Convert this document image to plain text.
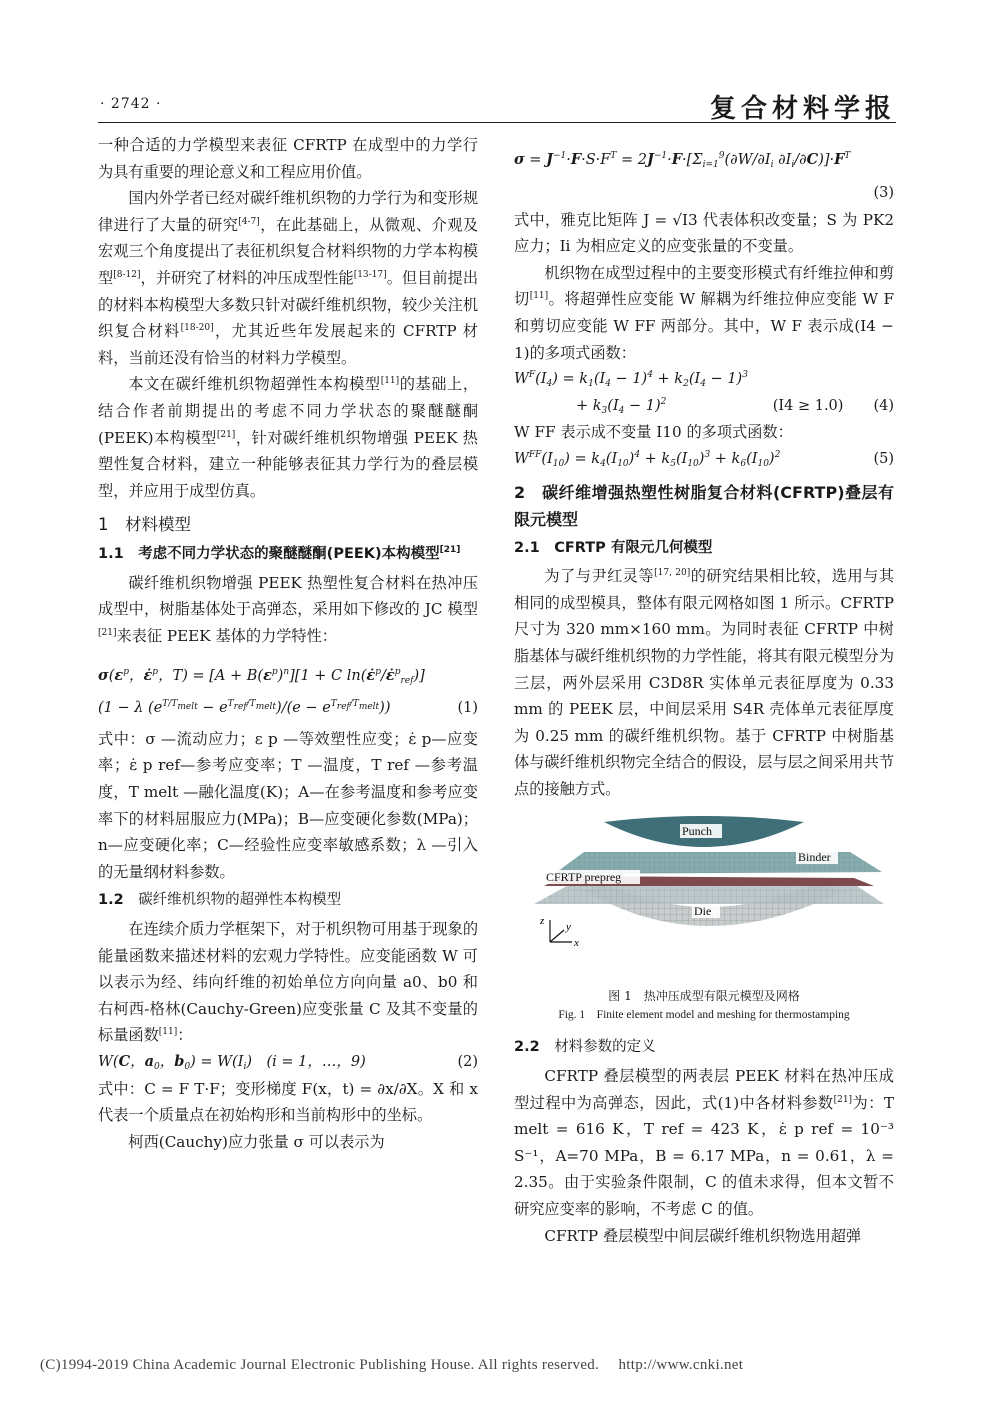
· 2742 ·	复合材料学报

一种合适的力学模型来表征 CFRTP 在成型中的力学行为具有重要的理论意义和工程应用价值。

国内外学者已经对碳纤维机织物的力学行为和变形规律进行了大量的研究[4-7]，在此基础上，从微观、介观及宏观三个角度提出了表征机织复合材料织物的力学本构模型[8-12]，并研究了材料的冲压成型性能[13-17]。但目前提出的材料本构模型大多数只针对碳纤维机织物，较少关注机织复合材料[18-20]，尤其近些年发展起来的 CFRTP 材料，当前还没有恰当的材料力学模型。

本文在碳纤维机织物超弹性本构模型[11]的基础上，结合作者前期提出的考虑不同力学状态的聚醚醚酮(PEEK)本构模型[21]，针对碳纤维机织物增强 PEEK 热塑性复合材料，建立一种能够表征其力学行为的叠层模型，并应用于成型仿真。

1　材料模型
1.1　 考虑不同力学状态的聚醚醚酮(PEEK)本构模型[21]

碳纤维机织物增强 PEEK 热塑性复合材料在热冲压成型中，树脂基体处于高弹态，采用如下修改的 JC 模型[21]来表征 PEEK 基体的力学特性：

$\sigma(\varepsilon^p$，ε̇$^p$，$T) = [A + B(\varepsilon^p)^n][1 + C$ ln(ε̇$^p$/ε̇$^p_{ref}$)]
(1 − λ $(e^{T/T_{melt}} - e^{T_{ref}/T_{melt}})/(e - e^{T_{ref}/T_{melt}})$)	(1)

式中：σ —流动应力；ε p —等效塑性应变；ε̇ p—应变率；ε̇ p ref—参考应变率；T —温度，T ref —参考温度，T melt —融化温度(K)；A—在参考温度和参考应变率下的材料屈服应力(MPa)；B—应变硬化参数(MPa)；n—应变硬化率；C—经验性应变率敏感系数；λ —引入的无量纲材料参数。

1.2　 碳纤维机织物的超弹性本构模型

在连续介质力学框架下，对于机织物可用基于现象的能量函数来描述材料的宏观力学特性。应变能函数 W 可以表示为经、纬向纤维的初始单位方向向量 a0、b0 和右柯西-格林(Cauchy-Green)应变张量 C 及其不变量的标量函数[11]：

W(C，$a_0$，$b_0) = W(I_i)$　(i = 1，…，9)	(2)

式中：C = F T·F；变形梯度 F(x，t) = ∂x/∂X。X 和 x 代表一个质量点在初始构形和当前构形中的坐标。

柯西(Cauchy)应力张量 σ 可以表示为

$\sigma = J^{-1}\cdot F\cdot S\cdot F^T = 2J^{-1}\cdot F\cdot[\Sigma_{i=1}^9(\partial W/\partial I_i$ $\partial I_i/\partial C)]\cdot F^T$
(3)

式中，雅克比矩阵 J = √I3 代表体积改变量；S 为 PK2 应力；Ii 为相应定义的应变张量的不变量。

机织物在成型过程中的主要变形模式有纤维拉伸和剪切[11]。将超弹性应变能 W 解耦为纤维拉伸应变能 W F 和剪切应变能 W FF 两部分。其中，W F 表示成(I4 − 1)的多项式函数：

$W^F(I_4) = k_1(I_4 - 1)^4 + k_2(I_4 - 1)^3$
+ $k_3(I_4 - 1)^2$	(I4 ≥ 1.0) (4)

W FF 表示成不变量 I10 的多项式函数：

$W^{FF}(I_{10}) = k_4(I_{10})^4 + k_5(I_{10})^3 + k_6(I_{10})^2$	(5)
2　碳纤维增强热塑性树脂复合材料(CFRTP)叠层有限元模型
2.1　 CFRTP 有限元几何模型

为了与尹红灵等[17, 20]的研究结果相比较，选用与其相同的成型模具，整体有限元网格如图 1 所示。CFRTP 尺寸为 320 mm×160 mm。为同时表征 CFRTP 中树脂基体与碳纤维机织物的力学性能，将其有限元模型分为三层，两外层采用 C3D8R 实体单元表征厚度为 0.33 mm 的 PEEK 层，中间层采用 S4R 壳体单元表征厚度为 0.25 mm 的碳纤维机织物。基于 CFRTP 中树脂基体与碳纤维机织物完全结合的假设，层与层之间采用共节点的接触方式。

Punch
Binder
CFRTP prepreg
Die
z y
x
图 1　热冲压成型有限元模型及网格
Fig. 1　Finite element model and meshing for thermostamping
2.2　 材料参数的定义

CFRTP 叠层模型的两表层 PEEK 材料在热冲压成型过程中为高弹态，因此，式(1)中各材料参数[21]为：T melt = 616 K，T ref = 423 K，ε̇ p ref = 10⁻³ S⁻¹，A=70 MPa，B = 6.17 MPa，n = 0.61，λ = 2.35。由于实验条件限制，C 的值未求得，但本文暂不研究应变率的影响，不考虑 C 的值。

CFRTP 叠层模型中间层碳纤维机织物选用超弹

(C)1994-2019 China Academic Journal Electronic Publishing House. All rights reserved.　 http://www.cnki.net
